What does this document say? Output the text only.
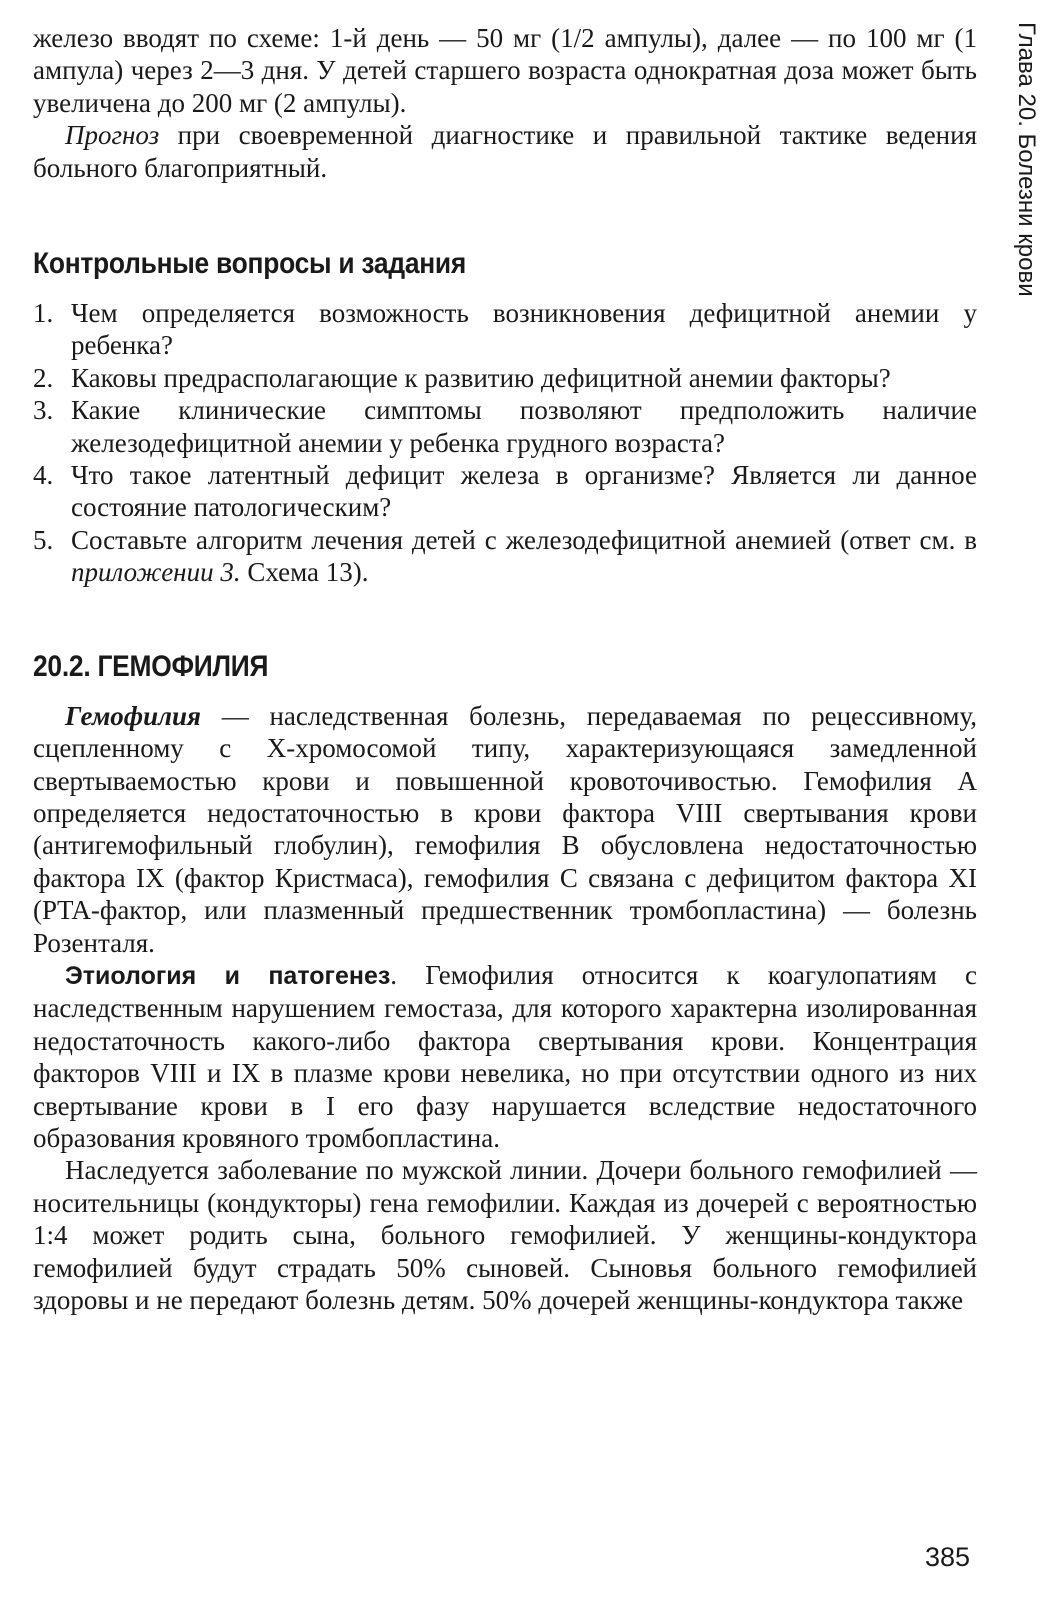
железо вводят по схеме: 1-й день — 50 мг (1/2 ампулы), далее — по 100 мг (1 ампула) через 2—3 дня. У детей старшего возраста однократная доза может быть увеличена до 200 мг (2 ампулы).

Прогноз при своевременной диагностике и правильной тактике ведения больного благоприятный.

Контрольные вопросы и задания
1. Чем определяется возможность возникновения дефицитной анемии у ребенка?
2. Каковы предрасполагающие к развитию дефицитной анемии факторы?
3. Какие клинические симптомы позволяют предположить наличие железодефицитной анемии у ребенка грудного возраста?
4. Что такое латентный дефицит железа в организме? Является ли данное состояние патологическим?
5. Составьте алгоритм лечения детей с железодефицитной анемией (ответ см. в приложении 3. Схема 13).
20.2. ГЕМОФИЛИЯ

Гемофилия — наследственная болезнь, передаваемая по рецессивному, сцепленному с Х-хромосомой типу, характеризующаяся замедленной свертываемостью крови и повышенной кровоточивостью. Гемофилия А определяется недостаточностью в крови фактора VIII свертывания крови (антигемофильный глобулин), гемофилия В обусловлена недостаточностью фактора IX (фактор Кристмаса), гемофилия С связана с дефицитом фактора XI (PTA-фактор, или плазменный предшественник тромбопластина) — болезнь Розенталя.

Этиология и патогенез. Гемофилия относится к коагулопатиям с наследственным нарушением гемостаза, для которого характерна изолированная недостаточность какого-либо фактора свертывания крови. Концентрация факторов VIII и IX в плазме крови невелика, но при отсутствии одного из них свертывание крови в I его фазу нарушается вследствие недостаточного образования кровяного тромбопластина.

Наследуется заболевание по мужской линии. Дочери больного гемофилией — носительницы (кондукторы) гена гемофилии. Каждая из дочерей с вероятностью 1:4 может родить сына, больного гемофилией. У женщины-кондуктора гемофилией будут страдать 50% сыновей. Сыновья больного гемофилией здоровы и не передают болезнь детям. 50% дочерей женщины-кондуктора также

Глава 20. Болезни крови
385
